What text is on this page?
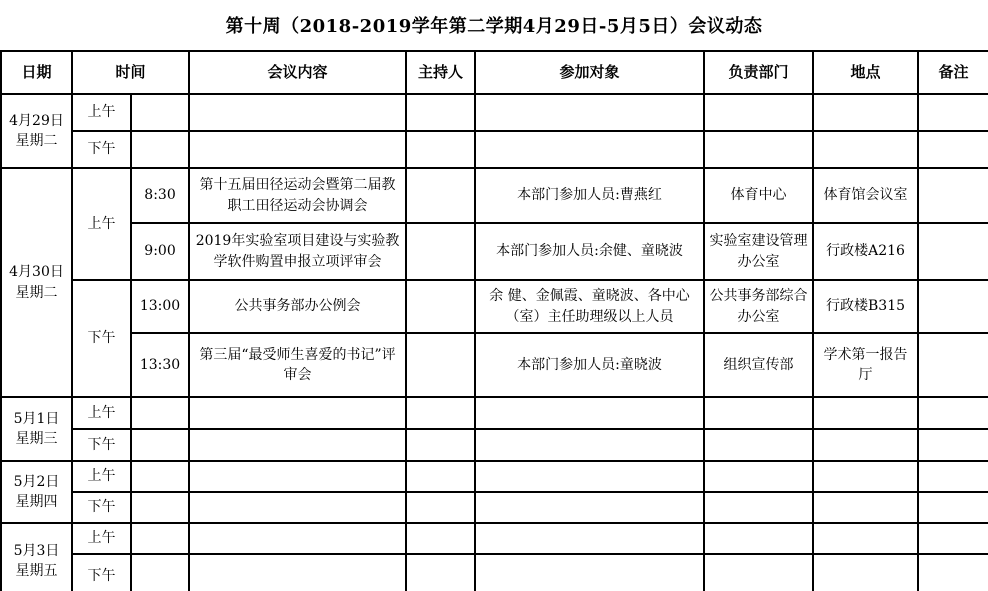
第十周（2018-2019学年第二学期4月29日-5月5日）会议动态
日期	时间		会议内容	主持人	参加对象	负责部门	地点	备注

4月29日
星期二	上午							
	下午							

4月30日
星期二	上午	8:30	第十五届田径运动会暨第二届教职工田径运动会协调会		本部门参加人员:曹燕红	体育中心	体育馆会议室	
		9:00	2019年实验室项目建设与实验教学软件购置申报立项评审会		本部门参加人员:余健、童晓波	实验室建设管理办公室	行政楼A216	
	下午	13:00	公共事务部办公例会		余 健、金佩霞、童晓波、各中心（室）主任助理级以上人员	公共事务部综合办公室	行政楼B315	
		13:30	第三届“最受师生喜爱的书记”评审会		本部门参加人员:童晓波	组织宣传部	学术第一报告厅	

5月1日
星期三	上午							
	下午							

5月2日
星期四	上午							
	下午							

5月3日
星期五	上午							
	下午							
